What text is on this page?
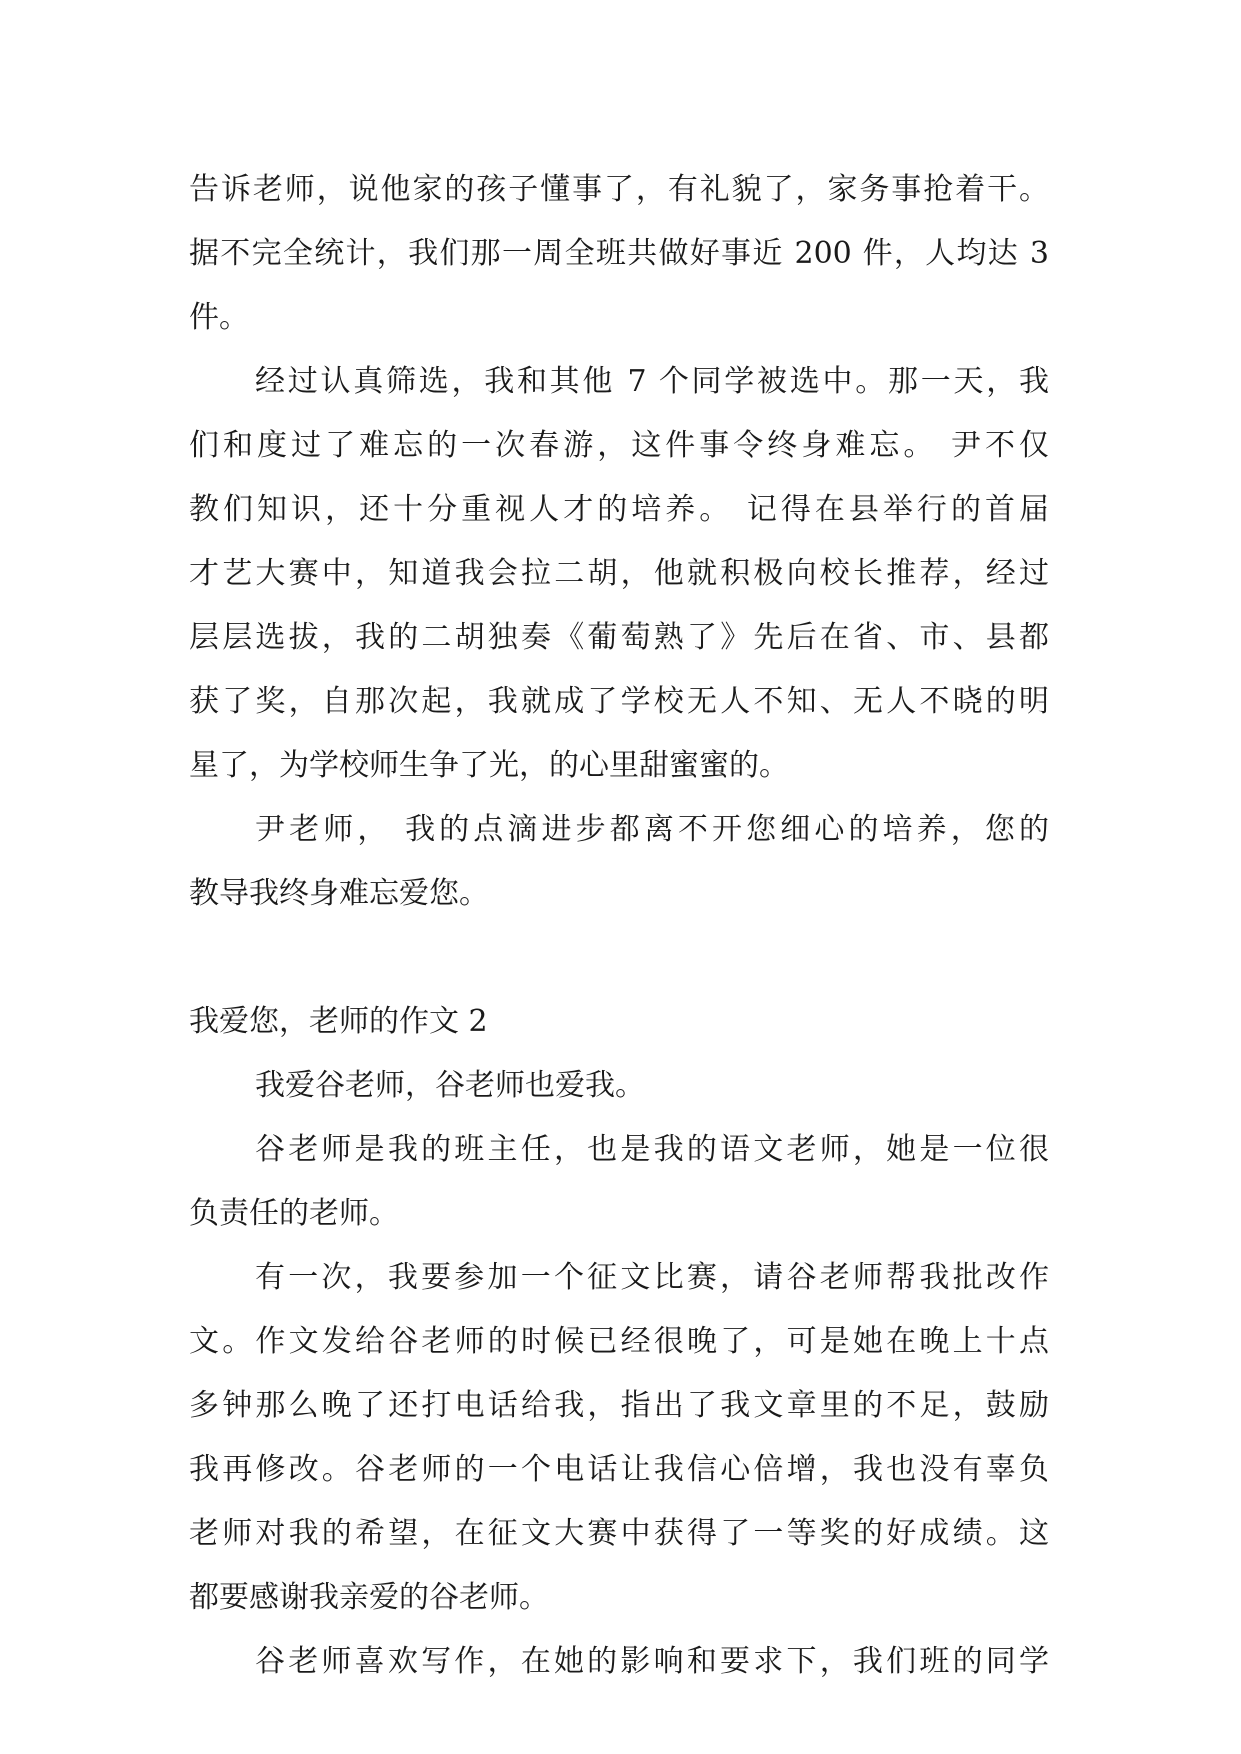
告诉老师，说他家的孩子懂事了，有礼貌了，家务事抢着干。
据不完全统计，我们那一周全班共做好事近 200 件，人均达 3
件。
经过认真筛选，我和其他 7 个同学被选中。那一天，我
们和度过了难忘的一次春游，这件事令终身难忘。 尹不仅
教们知识，还十分重视人才的培养。 记得在县举行的首届
才艺大赛中，知道我会拉二胡，他就积极向校长推荐，经过
层层选拔，我的二胡独奏《葡萄熟了》先后在省、市、县都
获了奖，自那次起，我就成了学校无人不知、无人不晓的明
星了，为学校师生争了光，的心里甜蜜蜜的。
尹老师， 我的点滴进步都离不开您细心的培养，您的
教导我终身难忘爱您。
我爱您，老师的作文 2
我爱谷老师，谷老师也爱我。
谷老师是我的班主任，也是我的语文老师，她是一位很
负责任的老师。
有一次，我要参加一个征文比赛，请谷老师帮我批改作
文。作文发给谷老师的时候已经很晚了，可是她在晚上十点
多钟那么晚了还打电话给我，指出了我文章里的不足，鼓励
我再修改。谷老师的一个电话让我信心倍增，我也没有辜负
老师对我的希望，在征文大赛中获得了一等奖的好成绩。这
都要感谢我亲爱的谷老师。
谷老师喜欢写作，在她的影响和要求下，我们班的同学
